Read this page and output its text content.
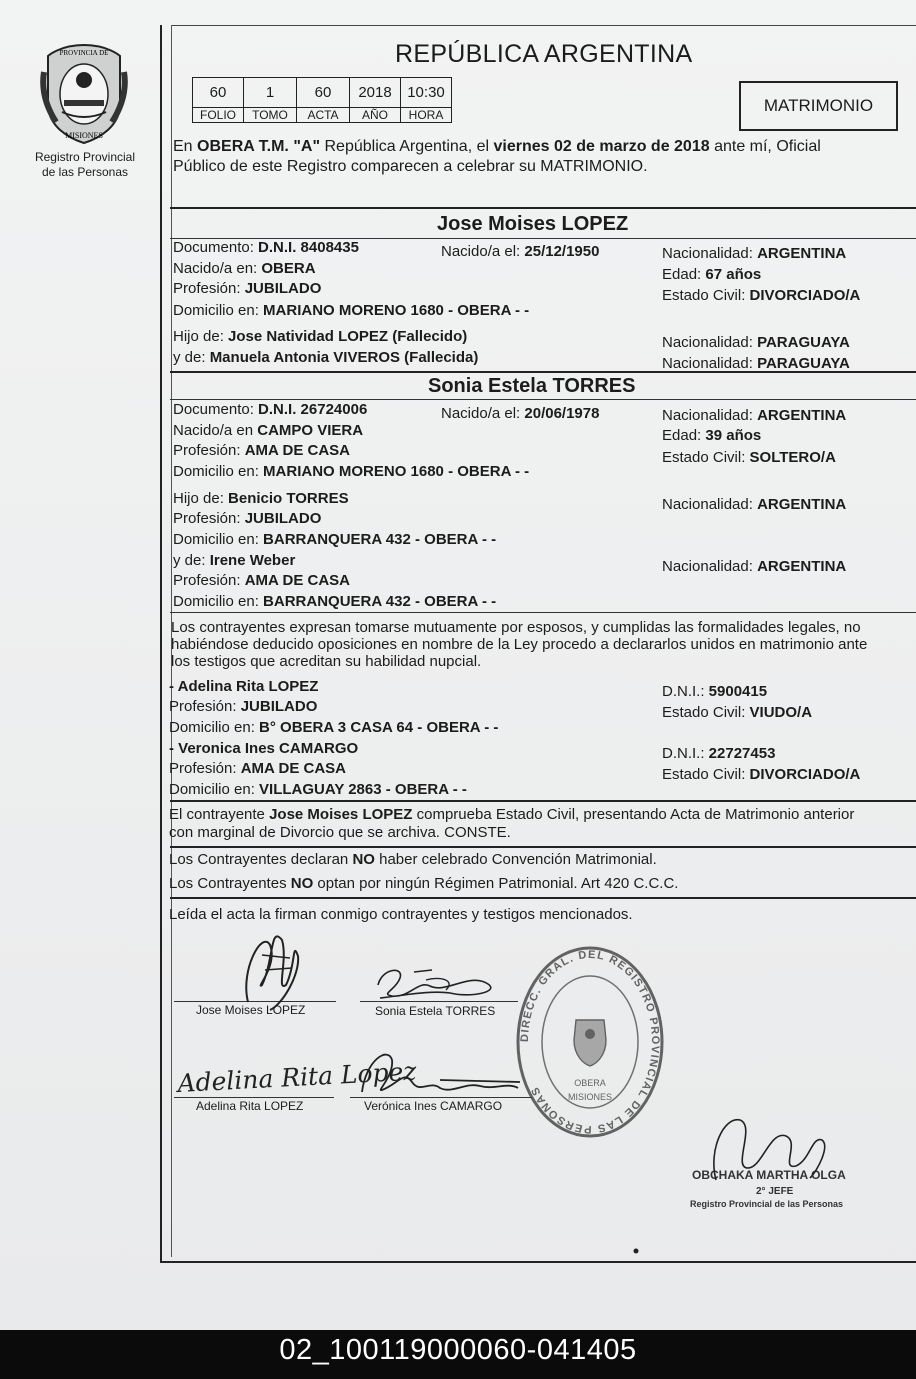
02_100119000060-041405
PROVINCIA DE
MISIONES
Registro Provincial
de las Personas
REPÚBLICA ARGENTINA
60	1	60	2018	10:30
FOLIO	TOMO	ACTA	AÑO	HORA	MATRIMONIO
En OBERA T.M. "A" República Argentina, el viernes 02 de marzo de 2018 ante mí, Oficial
Público de este Registro comparecen a celebrar su MATRIMONIO.
Jose Moises LOPEZ
Documento: D.N.I. 8408435	Nacido/a el: 25/12/1950	Nacionalidad: ARGENTINA
Nacido/a en: OBERA	Edad: 67 años
Profesión: JUBILADO	Estado Civil: DIVORCIADO/A
Domicilio en: MARIANO MORENO 1680 - OBERA - -
Hijo de: Jose Natividad LOPEZ (Fallecido)	Nacionalidad: PARAGUAYA
y de: Manuela Antonia VIVEROS (Fallecida)	Nacionalidad: PARAGUAYA
Sonia Estela TORRES
Documento: D.N.I. 26724006	Nacido/a el: 20/06/1978	Nacionalidad: ARGENTINA
Nacido/a en CAMPO VIERA	Edad: 39 años
Profesión: AMA DE CASA	Estado Civil: SOLTERO/A
Domicilio en: MARIANO MORENO 1680 - OBERA - -
Hijo de: Benicio TORRES	Nacionalidad: ARGENTINA
Profesión: JUBILADO
Domicilio en: BARRANQUERA 432 - OBERA - -
y de: Irene Weber	Nacionalidad: ARGENTINA
Profesión: AMA DE CASA
Domicilio en: BARRANQUERA 432 - OBERA - -
Los contrayentes expresan tomarse mutuamente por esposos, y cumplidas las formalidades legales, no
habiéndose deducido oposiciones en nombre de la Ley procedo a declararlos unidos en matrimonio ante
los testigos que acreditan su habilidad nupcial.
- Adelina Rita LOPEZ	D.N.I.: 5900415
Profesión: JUBILADO	Estado Civil: VIUDO/A
Domicilio en: B° OBERA 3 CASA 64 - OBERA - -
- Veronica Ines CAMARGO	D.N.I.: 22727453
Profesión: AMA DE CASA	Estado Civil: DIVORCIADO/A
Domicilio en: VILLAGUAY 2863 - OBERA - -
El contrayente Jose Moises LOPEZ comprueba Estado Civil, presentando Acta de Matrimonio anterior
con marginal de Divorcio que se archiva. CONSTE.
Los Contrayentes declaran NO haber celebrado Convención Matrimonial.
Los Contrayentes NO optan por ningún Régimen Patrimonial. Art 420 C.C.C.
Leída el acta la firman conmigo contrayentes y testigos mencionados.
Jose Moises LOPEZ	Sonia Estela TORRES
Adelina Rita LOPEZ	Verónica Ines CAMARGO
OBCHAKA MARTHA OLGA
2° JEFE
Registro Provincial de las Personas
Adelina Rita Lopez
DIRECC. GRAL. DEL REGISTRO PROVINCIAL DE LAS PERSONAS
OBERA
MISIONES
